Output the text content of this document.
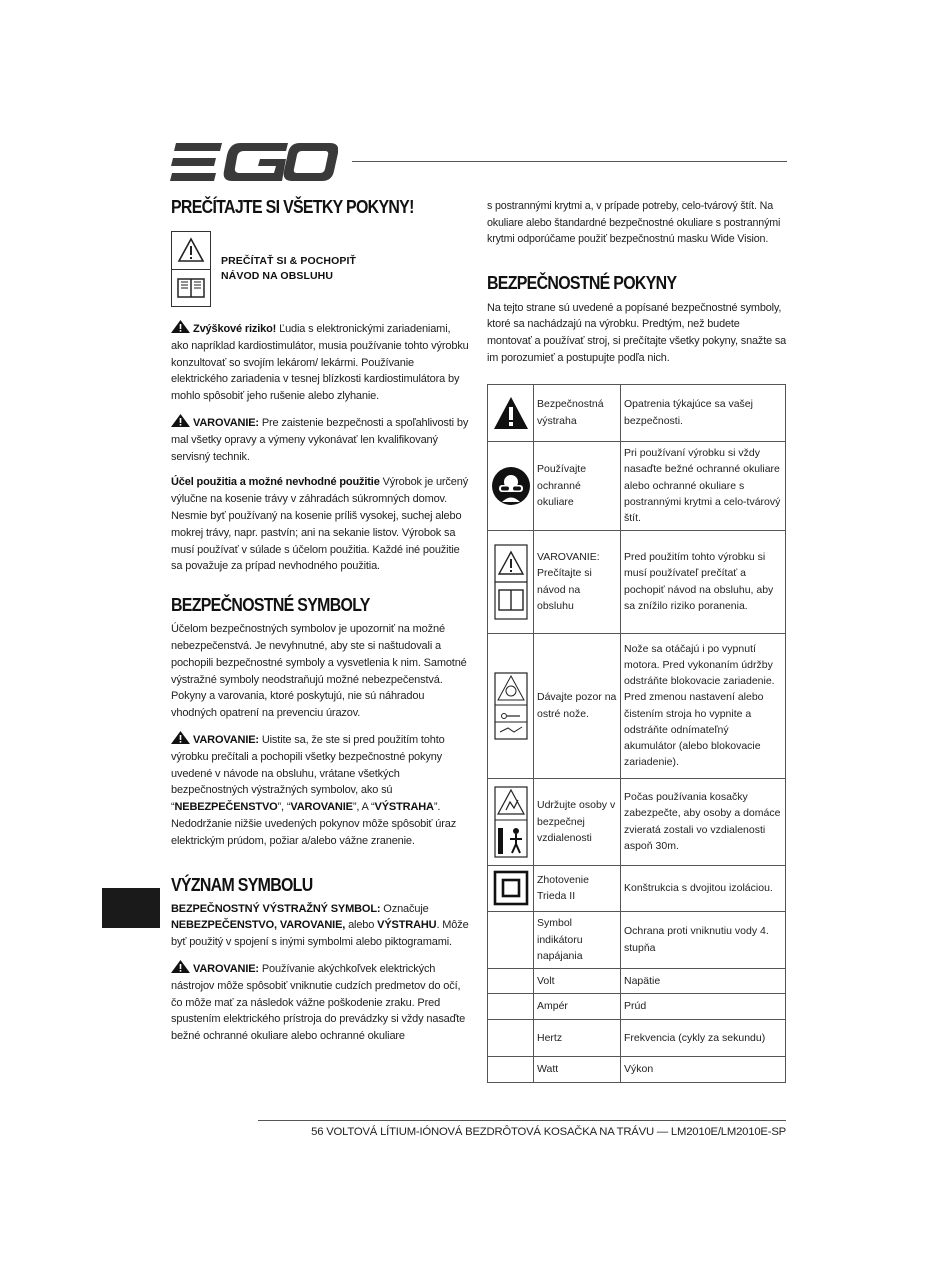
PREČÍTAJTE SI VŠETKY POKYNY!
PREČÍTAŤ SI & POCHOPIŤ
NÁVOD NA OBSLUHU

Zvýškové riziko! Ľudia s elektronickými zariadeniami, ako napríklad kardiostimulátor, musia používanie tohto výrobku konzultovať so svojím lekárom/ lekármi. Používanie elektrického zariadenia v tesnej blízkosti kardiostimulátora by mohlo spôsobiť jeho rušenie alebo zlyhanie.

VAROVANIE: Pre zaistenie bezpečnosti a spoľahlivosti by mal všetky opravy a výmeny vykonávať len kvalifikovaný servisný technik.

Účel použitia a možné nevhodné použitie Výrobok je určený výlučne na kosenie trávy v záhradách súkromných domov. Nesmie byť používaný na kosenie príliš vysokej, suchej alebo mokrej trávy, napr. pastvín; ani na sekanie listov. Výrobok sa musí používať v súlade s účelom použitia. Každé iné použitie sa považuje za prípad nevhodného použitia.

BEZPEČNOSTNÉ SYMBOLY

Účelom bezpečnostných symbolov je upozorniť na možné nebezpečenstvá. Je nevyhnutné, aby ste si naštudovali a pochopili bezpečnostné symboly a vysvetlenia k nim. Samotné výstražné symboly neodstraňujú možné nebezpečenstvá. Pokyny a varovania, ktoré poskytujú, nie sú náhradou vhodných opatrení na prevenciu úrazov.

VAROVANIE: Uistite sa, že ste si pred použitím tohto výrobku prečítali a pochopili všetky bezpečnostné pokyny uvedené v návode na obsluhu, vrátane všetkých bezpečnostných výstražných symbolov, ako sú “NEBEZPEČENSTVO”, “VAROVANIE”, A “VÝSTRAHA”. Nedodržanie nižšie uvedených pokynov môže spôsobiť úraz elektrickým prúdom, požiar a/alebo vážne zranenie.

VÝZNAM SYMBOLU

BEZPEČNOSTNÝ VÝSTRAŽNÝ SYMBOL: Označuje
NEBEZPEČENSTVO, VAROVANIE, alebo VÝSTRAHU. Môže byť použitý v spojení s inými symbolmi alebo piktogramami.

VAROVANIE: Používanie akýchkoľvek elektrických nástrojov môže spôsobiť vniknutie cudzích predmetov do očí, čo môže mať za následok vážne poškodenie zraku. Pred spustením elektrického prístroja do prevádzky si vždy nasaďte bežné ochranné okuliare alebo ochranné okuliare

s postrannými krytmi a, v prípade potreby, celo-tvárový štít. Na okuliare alebo štandardné bezpečnostné okuliare s postrannými krytmi odporúčame použiť bezpečnostnú masku Wide Vision.

BEZPEČNOSTNÉ POKYNY

Na tejto strane sú uvedené a popísané bezpečnostné symboly, ktoré sa nachádzajú na výrobku. Predtým, než budete montovať a používať stroj, si prečítajte všetky pokyny, snažte sa im porozumieť a postupujte podľa nich.

	Bezpečnostná výstraha	Opatrenia týkajúce sa vašej bezpečnosti.

	Používajte ochranné okuliare	Pri používaní výrobku si vždy nasaďte bežné ochranné okuliare alebo ochranné okuliare s postrannými krytmi a celo-tvárový štít.

	VAROVANIE: Prečítajte si návod na obsluhu	Pred použitím tohto výrobku si musí používateľ prečítať a pochopiť návod na obsluhu, aby sa znížilo riziko poranenia.

	Dávajte pozor na ostré nože.	Nože sa otáčajú i po vypnutí motora. Pred vykonaním údržby odstráňte blokovacie zariadenie. Pred zmenou nastavení alebo čistením stroja ho vypnite a odstráňte odnímateľný akumulátor (alebo blokovacie zariadenie).

	Udržujte osoby v bezpečnej vzdialenosti	Počas používania kosačky zabezpečte, aby osoby a domáce zvieratá zostali vo vzdialenosti aspoň 30m.

	Zhotovenie Trieda II	Konštrukcia s dvojitou izoláciou.
	Symbol indikátoru napájania	Ochrana proti vniknutiu vody 4. stupňa
	Volt	Napätie
	Ampér	Prúd
	Hertz	Frekvencia (cykly za sekundu)
	Watt	Výkon
56 VOLTOVÁ LÍTIUM-IÓNOVÁ BEZDRÔTOVÁ KOSAČKA NA TRÁVU — LM2010E/LM2010E-SP
